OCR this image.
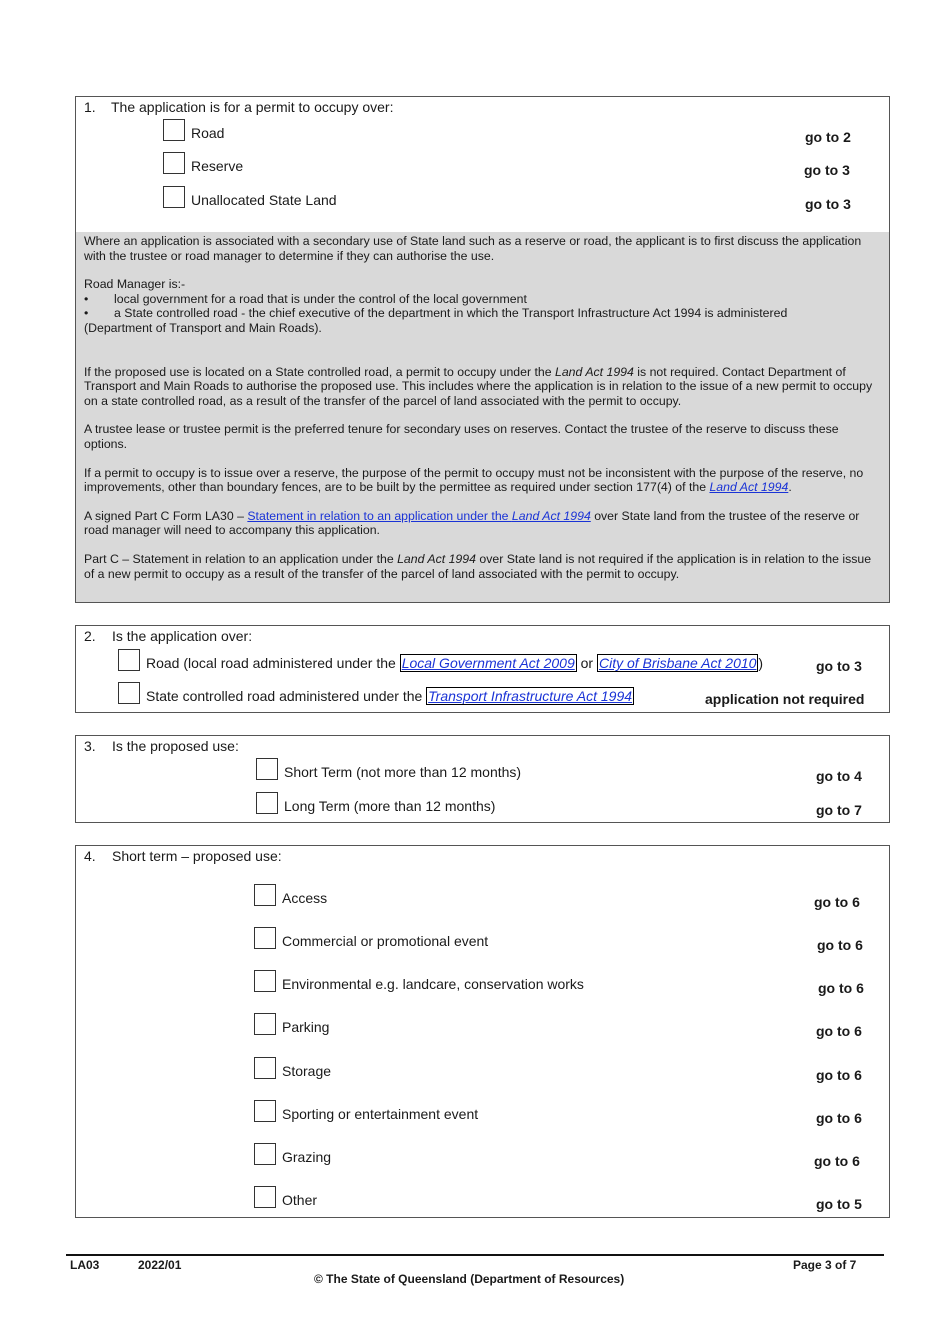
1. The application is for a permit to occupy over:
Road	go to 2
Reserve	go to 3
Unallocated State Land	go to 3

Where an application is associated with a secondary use of State land such as a reserve or road, the applicant is to first discuss the application with the trustee or road manager to determine if they can authorise the use.

Road Manager is:-

• local government for a road that is under the control of the local government
• a State controlled road - the chief executive of the department in which the Transport Infrastructure Act 1994 is administered

(Department of Transport and Main Roads).

If the proposed use is located on a State controlled road, a permit to occupy under the Land Act 1994 is not required. Contact Department of Transport and Main Roads to authorise the proposed use. This includes where the application is in relation to the issue of a new permit to occupy on a state controlled road, as a result of the transfer of the parcel of land associated with the permit to occupy.

A trustee lease or trustee permit is the preferred tenure for secondary uses on reserves. Contact the trustee of the reserve to discuss these options.

If a permit to occupy is to issue over a reserve, the purpose of the permit to occupy must not be inconsistent with the purpose of the reserve, no improvements, other than boundary fences, are to be built by the permittee as required under section 177(4) of the Land Act 1994.

A signed Part C Form LA30 – Statement in relation to an application under the Land Act 1994 over State land from the trustee of the reserve or road manager will need to accompany this application.

Part C – Statement in relation to an application under the Land Act 1994 over State land is not required if the application is in relation to the issue of a new permit to occupy as a result of the transfer of the parcel of land associated with the permit to occupy.

2. Is the application over:
Road (local road administered under the Local Government Act 2009 or City of Brisbane Act 2010 )	go to 3
State controlled road administered under the Transport Infrastructure Act 1994	application not required
3. Is the proposed use:
Short Term (not more than 12 months)	go to 4
Long Term (more than 12 months)	go to 7
4. Short term – proposed use:
Access	go to 6
Commercial or promotional event	go to 6
Environmental e.g. landcare, conservation works	go to 6
Parking	go to 6
Storage	go to 6
Sporting or entertainment event	go to 6
Grazing	go to 6
Other	go to 5
LA03	2022/01	Page 3 of 7
© The State of Queensland (Department of Resources)
